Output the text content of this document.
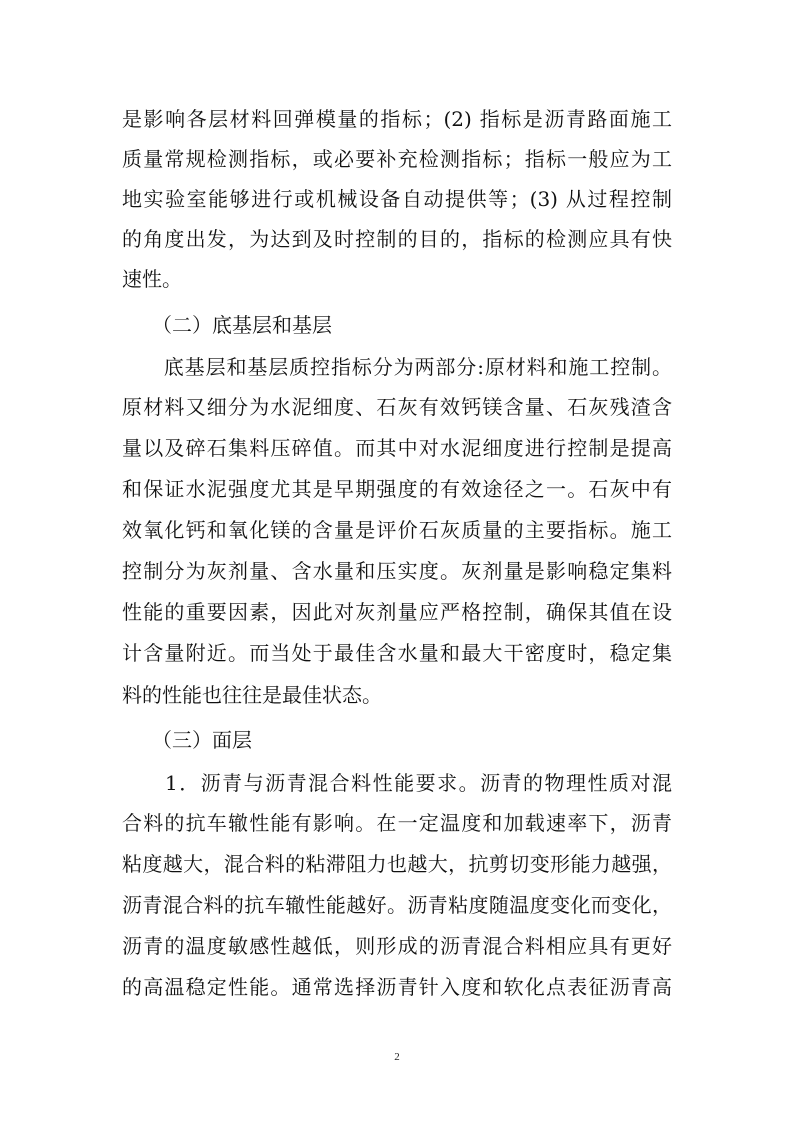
是影响各层材料回弹模量的指标；(2) 指标是沥青路面施工
质量常规检测指标，或必要补充检测指标；指标一般应为工
地实验室能够进行或机械设备自动提供等；(3) 从过程控制
的角度出发，为达到及时控制的目的，指标的检测应具有快
速性。
　　（二）底基层和基层
　　底基层和基层质控指标分为两部分:原材料和施工控制。
原材料又细分为水泥细度、石灰有效钙镁含量、石灰残渣含
量以及碎石集料压碎值。而其中对水泥细度进行控制是提高
和保证水泥强度尤其是早期强度的有效途径之一。石灰中有
效氧化钙和氧化镁的含量是评价石灰质量的主要指标。施工
控制分为灰剂量、含水量和压实度。灰剂量是影响稳定集料
性能的重要因素，因此对灰剂量应严格控制，确保其值在设
计含量附近。而当处于最佳含水量和最大干密度时，稳定集
料的性能也往往是最佳状态。
　　（三）面层
　　1．沥青与沥青混合料性能要求。沥青的物理性质对混
合料的抗车辙性能有影响。在一定温度和加载速率下，沥青
粘度越大，混合料的粘滞阻力也越大，抗剪切变形能力越强，
沥青混合料的抗车辙性能越好。沥青粘度随温度变化而变化，
沥青的温度敏感性越低，则形成的沥青混合料相应具有更好
的高温稳定性能。通常选择沥青针入度和软化点表征沥青高
2
